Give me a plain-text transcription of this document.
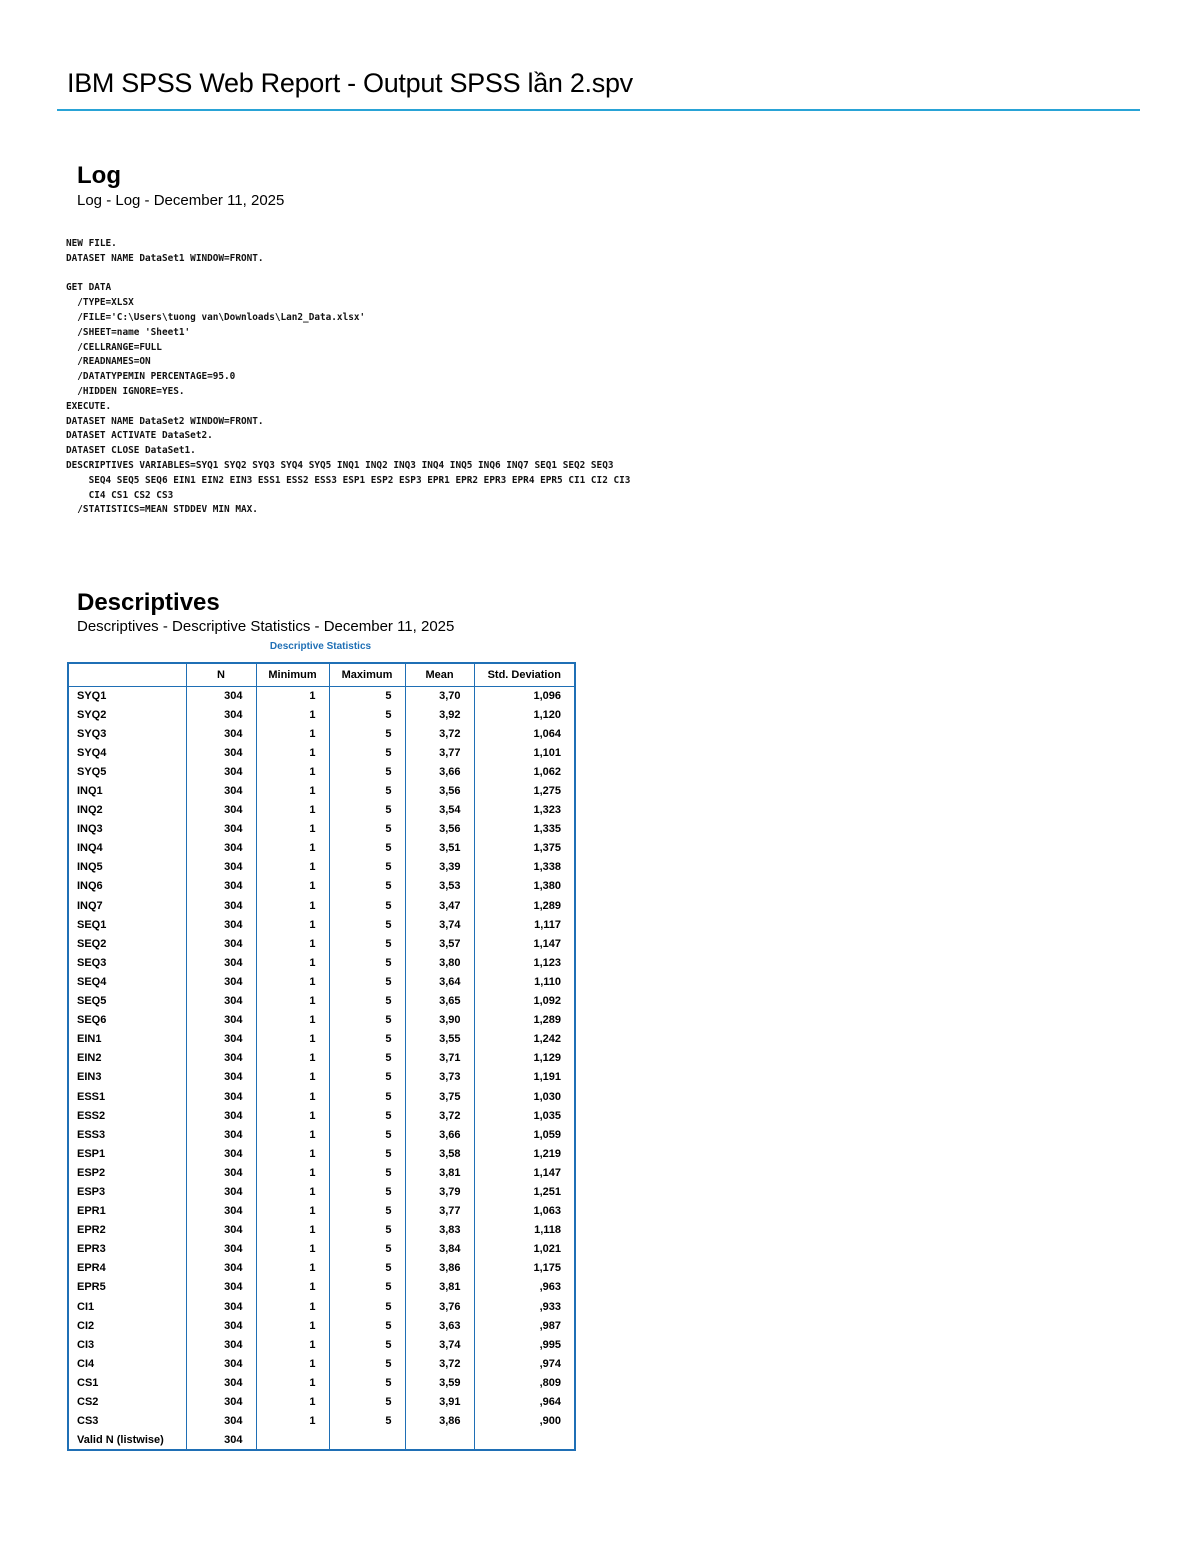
IBM SPSS Web Report - Output SPSS lần 2.spv
Log
Log - Log - December 11, 2025
NEW FILE.
DATASET NAME DataSet1 WINDOW=FRONT.

GET DATA
/TYPE=XLSX
/FILE='C:\Users\tuong van\Downloads\Lan2_Data.xlsx'
/SHEET=name 'Sheet1'
/CELLRANGE=FULL
/READNAMES=ON
/DATATYPEMIN PERCENTAGE=95.0
/HIDDEN IGNORE=YES.
EXECUTE.
DATASET NAME DataSet2 WINDOW=FRONT.
DATASET ACTIVATE DataSet2.
DATASET CLOSE DataSet1.
DESCRIPTIVES VARIABLES=SYQ1 SYQ2 SYQ3 SYQ4 SYQ5 INQ1 INQ2 INQ3 INQ4 INQ5 INQ6 INQ7 SEQ1 SEQ2 SEQ3
SEQ4 SEQ5 SEQ6 EIN1 EIN2 EIN3 ESS1 ESS2 ESS3 ESP1 ESP2 ESP3 EPR1 EPR2 EPR3 EPR4 EPR5 CI1 CI2 CI3
CI4 CS1 CS2 CS3
/STATISTICS=MEAN STDDEV MIN MAX.
Descriptives
Descriptives - Descriptive Statistics - December 11, 2025
Descriptive Statistics
	N	Minimum	Maximum	Mean	Std. Deviation
SYQ1	304	1	5	3,70	1,096
SYQ2	304	1	5	3,92	1,120
SYQ3	304	1	5	3,72	1,064
SYQ4	304	1	5	3,77	1,101
SYQ5	304	1	5	3,66	1,062
INQ1	304	1	5	3,56	1,275
INQ2	304	1	5	3,54	1,323
INQ3	304	1	5	3,56	1,335
INQ4	304	1	5	3,51	1,375
INQ5	304	1	5	3,39	1,338
INQ6	304	1	5	3,53	1,380
INQ7	304	1	5	3,47	1,289
SEQ1	304	1	5	3,74	1,117
SEQ2	304	1	5	3,57	1,147
SEQ3	304	1	5	3,80	1,123
SEQ4	304	1	5	3,64	1,110
SEQ5	304	1	5	3,65	1,092
SEQ6	304	1	5	3,90	1,289
EIN1	304	1	5	3,55	1,242
EIN2	304	1	5	3,71	1,129
EIN3	304	1	5	3,73	1,191
ESS1	304	1	5	3,75	1,030
ESS2	304	1	5	3,72	1,035
ESS3	304	1	5	3,66	1,059
ESP1	304	1	5	3,58	1,219
ESP2	304	1	5	3,81	1,147
ESP3	304	1	5	3,79	1,251
EPR1	304	1	5	3,77	1,063
EPR2	304	1	5	3,83	1,118
EPR3	304	1	5	3,84	1,021
EPR4	304	1	5	3,86	1,175
EPR5	304	1	5	3,81	,963
CI1	304	1	5	3,76	,933
CI2	304	1	5	3,63	,987
CI3	304	1	5	3,74	,995
CI4	304	1	5	3,72	,974
CS1	304	1	5	3,59	,809
CS2	304	1	5	3,91	,964
CS3	304	1	5	3,86	,900
Valid N (listwise)	304				
